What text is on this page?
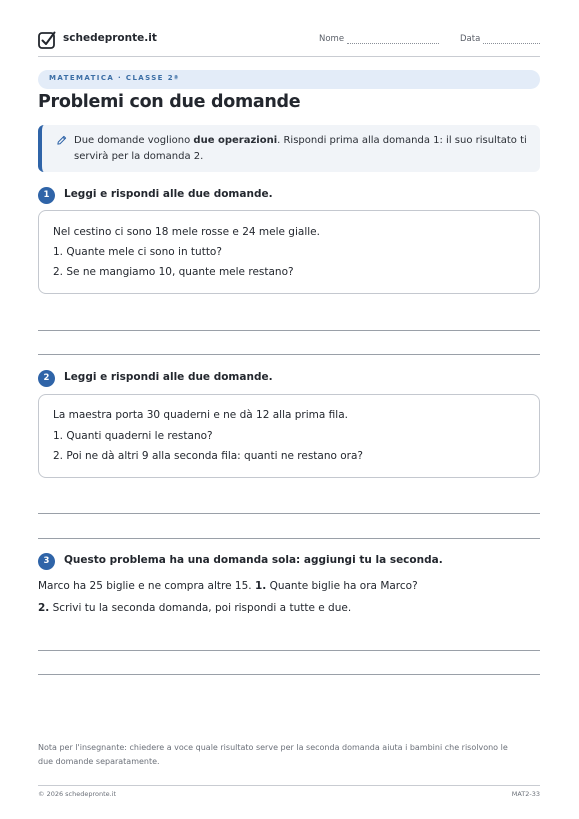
schedepronte.it	Nome	Data
MATEMATICA · CLASSE 2ª
Problemi con due domande

Due domande vogliono due operazioni. Rispondi prima alla domanda 1: il suo risultato ti servirà per la domanda 2.

1	Leggi e rispondi alle due domande.
Nel cestino ci sono 18 mele rosse e 24 mele gialle.
1. Quante mele ci sono in tutto?
2. Se ne mangiamo 10, quante mele restano?
2	Leggi e rispondi alle due domande.
La maestra porta 30 quaderni e ne dà 12 alla prima fila.
1. Quanti quaderni le restano?
2. Poi ne dà altri 9 alla seconda fila: quanti ne restano ora?
3	Questo problema ha una domanda sola: aggiungi tu la seconda.

Marco ha 25 biglie e ne compra altre 15. 1. Quante biglie ha ora Marco?

2. Scrivi tu la seconda domanda, poi rispondi a tutte e due.

Nota per l'insegnante: chiedere a voce quale risultato serve per la seconda domanda aiuta i bambini che risolvono le due domande separatamente.

© 2026 schedepronte.it	MAT2-33
